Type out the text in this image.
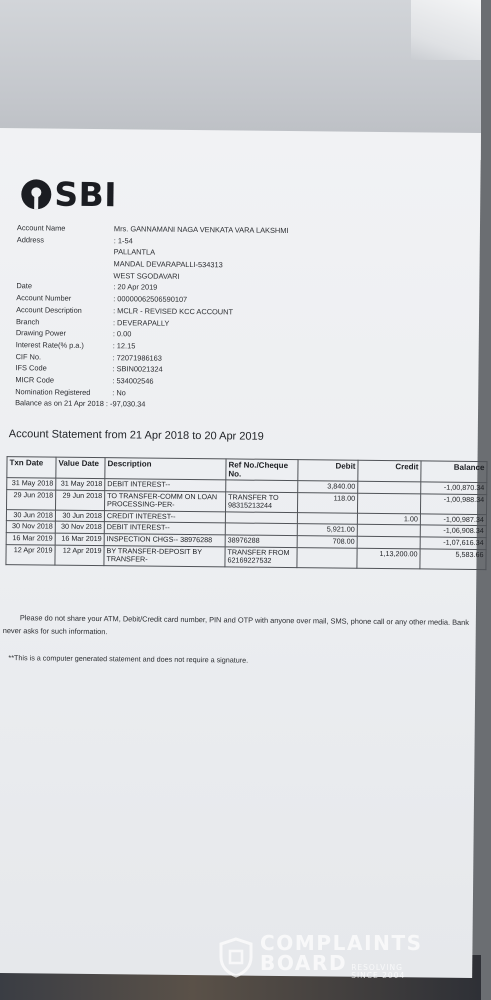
SBI
Account Name	Mrs. GANNAMANI NAGA VENKATA VARA LAKSHMI
Address	: 1-54
PALLANTLA
MANDAL DEVARAPALLI-534313
WEST SGODAVARI
Date	: 20 Apr 2019
Account Number	: 00000062506590107
Account Description	: MCLR - REVISED KCC ACCOUNT
Branch	: DEVERAPALLY
Drawing Power	: 0.00
Interest Rate(% p.a.)	: 12.15
CIF No.	: 72071986163
IFS Code	: SBIN0021324
MICR Code	: 534002546
Nomination Registered	: No
Balance as on 21 Apr 2018 : -97,030.34
Account Statement from 21 Apr 2018 to 20 Apr 2019
Txn Date	Value Date	Description	Ref No./Cheque No.	Debit	Credit	Balance
31 May 2018	31 May 2018	DEBIT INTEREST--		3,840.00		-1,00,870.34
29 Jun 2018	29 Jun 2018	TO TRANSFER-COMM ON LOAN PROCESSING-PER-	TRANSFER TO 98315213244	118.00		-1,00,988.34
30 Jun 2018	30 Jun 2018	CREDIT INTEREST--			1.00	-1,00,987.34
30 Nov 2018	30 Nov 2018	DEBIT INTEREST--		5,921.00		-1,06,908.34
16 Mar 2019	16 Mar 2019	INSPECTION CHGS-- 38976288	38976288	708.00		-1,07,616.34
12 Apr 2019	12 Apr 2019	BY TRANSFER-DEPOSIT BY TRANSFER-	TRANSFER FROM 62169227532		1,13,200.00	5,583.66
Please do not share your ATM, Debit/Credit card number, PIN and OTP with anyone over mail, SMS, phone call or any other media. Bank never asks for such information.
**This is a computer generated statement and does not require a signature.
COMPLAINTS
BOARD RESOLVING
SINCE 2004
